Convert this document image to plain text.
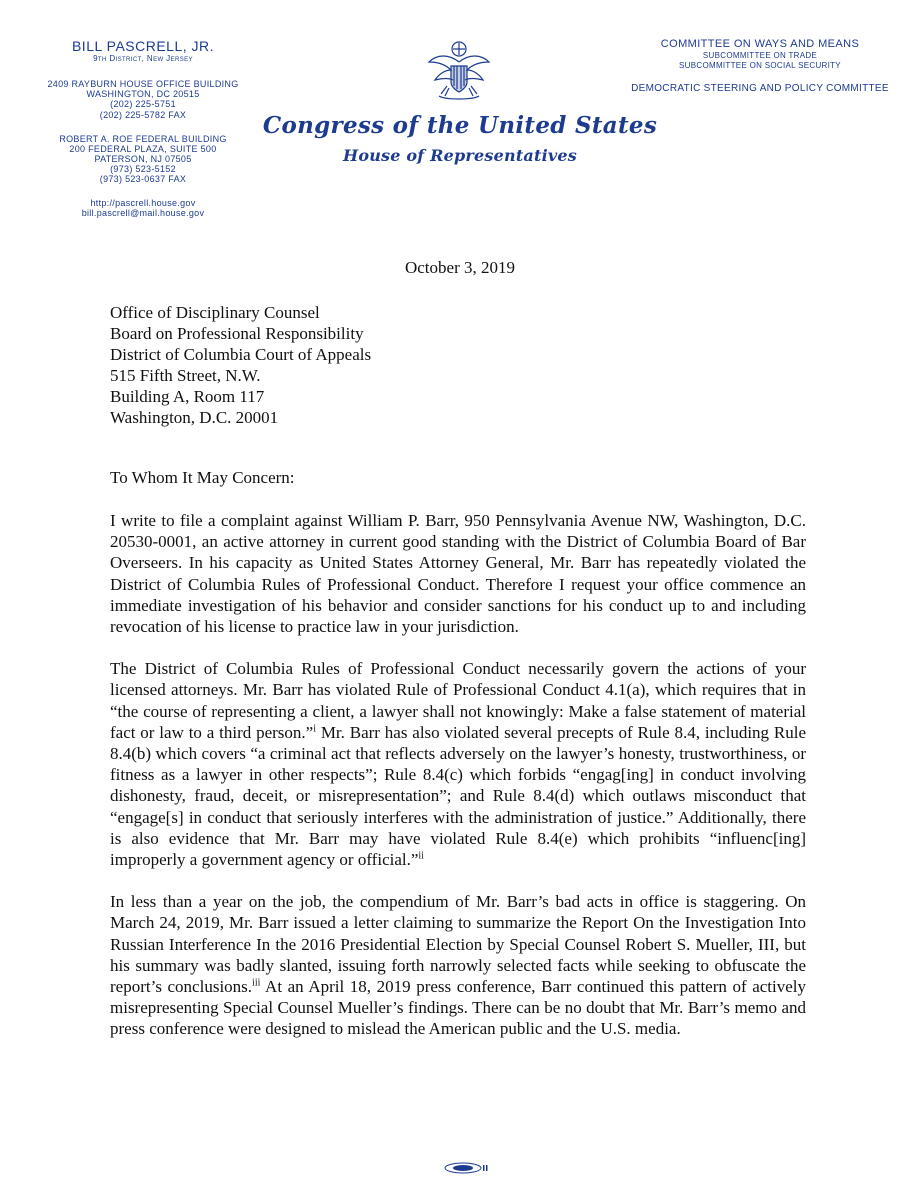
BILL PASCRELL, JR.
9th District, New Jersey
2409 RAYBURN HOUSE OFFICE BUILDING
WASHINGTON, DC 20515
(202) 225-5751
(202) 225-5782 FAX
ROBERT A. ROE FEDERAL BUILDING
200 FEDERAL PLAZA, SUITE 500
PATERSON, NJ 07505
(973) 523-5152
(973) 523-0637 FAX
http://pascrell.house.gov
bill.pascrell@mail.house.gov
Congress of the United States
House of Representatives
COMMITTEE ON WAYS AND MEANS
SUBCOMMITTEE ON TRADE
SUBCOMMITTEE ON SOCIAL SECURITY
DEMOCRATIC STEERING AND POLICY COMMITTEE
October 3, 2019
Office of Disciplinary Counsel
Board on Professional Responsibility
District of Columbia Court of Appeals
515 Fifth Street, N.W.
Building A, Room 117
Washington, D.C. 20001
To Whom It May Concern:

I write to file a complaint against William P. Barr, 950 Pennsylvania Avenue NW, Washington, D.C. 20530-0001, an active attorney in current good standing with the District of Columbia Board of Bar Overseers. In his capacity as United States Attorney General, Mr. Barr has repeatedly violated the District of Columbia Rules of Professional Conduct. Therefore I request your office commence an immediate investigation of his behavior and consider sanctions for his conduct up to and including revocation of his license to practice law in your jurisdiction.

The District of Columbia Rules of Professional Conduct necessarily govern the actions of your licensed attorneys. Mr. Barr has violated Rule of Professional Conduct 4.1(a), which requires that in “the course of representing a client, a lawyer shall not knowingly: Make a false statement of material fact or law to a third person.”$^i$ Mr. Barr has also violated several precepts of Rule 8.4, including Rule 8.4(b) which covers “a criminal act that reflects adversely on the lawyer’s honesty, trustworthiness, or fitness as a lawyer in other respects”; Rule 8.4(c) which forbids “engag[ing] in conduct involving dishonesty, fraud, deceit, or misrepresentation”; and Rule 8.4(d) which outlaws misconduct that “engage[s] in conduct that seriously interferes with the administration of justice.” Additionally, there is also evidence that Mr. Barr may have violated Rule 8.4(e) which prohibits “influenc[ing] improperly a government agency or official.”$^{ii}$

In less than a year on the job, the compendium of Mr. Barr’s bad acts in office is staggering. On March 24, 2019, Mr. Barr issued a letter claiming to summarize the Report On the Investigation Into Russian Interference In the 2016 Presidential Election by Special Counsel Robert S. Mueller, III, but his summary was badly slanted, issuing forth narrowly selected facts while seeking to obfuscate the report’s conclusions.$^{iii}$ At an April 18, 2019 press conference, Barr continued this pattern of actively misrepresenting Special Counsel Mueller’s findings. There can be no doubt that Mr. Barr’s memo and press conference were designed to mislead the American public and the U.S. media.
